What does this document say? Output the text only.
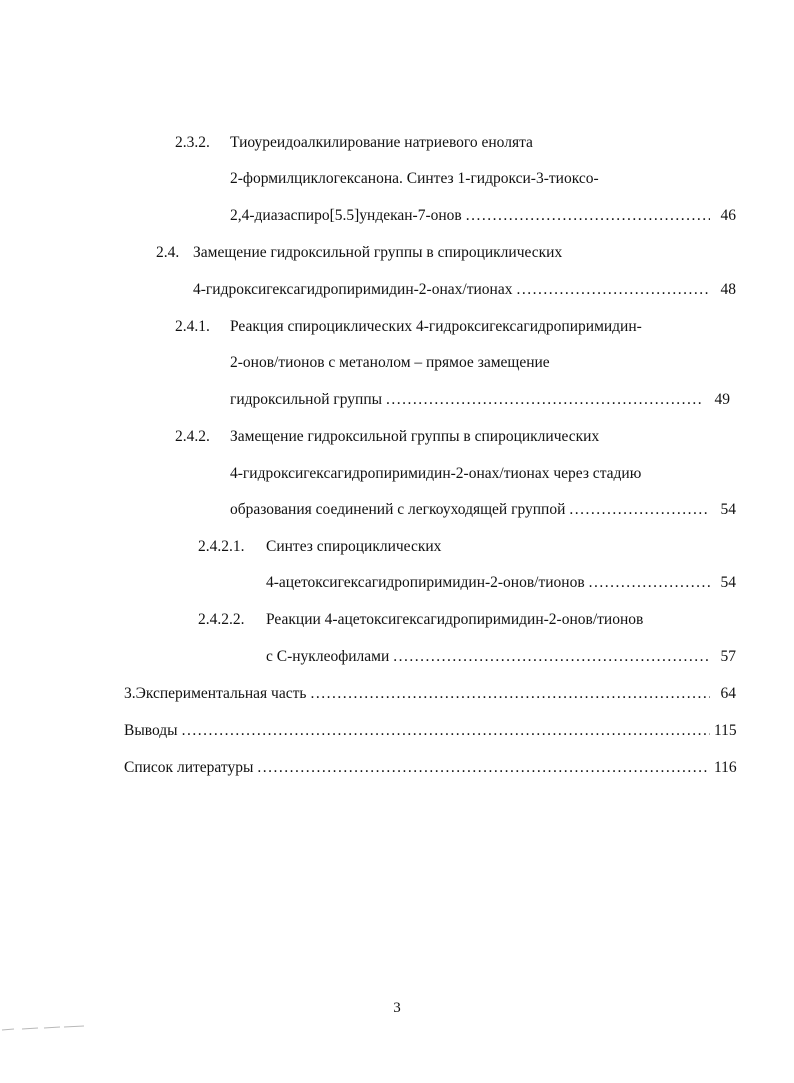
2.3.2.	Тиоуреидоалкилирование натриевого енолята
2-формилциклогексанона. Синтез 1-гидрокси-3-тиоксо-
2,4-диазаспиро[5.5]ундекан-7-онов .....	46
2.4. Замещение гидроксильной группы в спироциклических
4-гидроксигексагидропиримидин-2-онах/тионах .....	48
2.4.1.	Реакция спироциклических 4-гидроксигексагидропиримидин-
2-онов/тионов с метанолом – прямое замещение
гидроксильной группы .....	49
2.4.2.	Замещение гидроксильной группы в спироциклических
4-гидроксигексагидропиримидин-2-онах/тионах через стадию
образования соединений с легкоуходящей группой .....	54
2.4.2.1.	Синтез спироциклических
4-ацетоксигексагидропиримидин-2-онов/тионов .....	54
2.4.2.2.	Реакции 4-ацетоксигексагидропиримидин-2-онов/тионов
с С-нуклеофилами .....	57
3. Экспериментальная часть .....	64
Выводы .....	115
Список литературы .....	116
3
